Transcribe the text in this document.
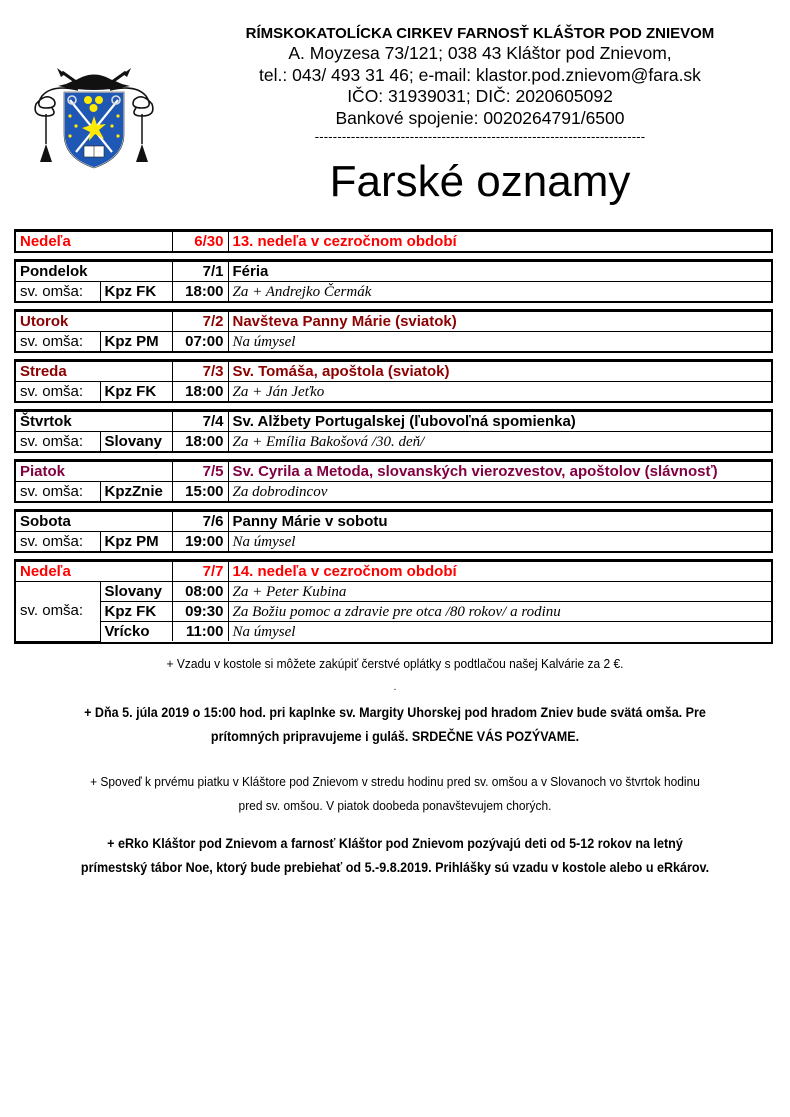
RÍMSKOKATOLÍCKA CIRKEV FARNOSŤ KLÁŠTOR POD ZNIEVOM
A. Moyzesa 73/121; 038 43 Kláštor pod Znievom,
tel.: 043/ 493 31 46; e-mail: klastor.pod.znievom@fara.sk
IČO: 31939031; DIČ: 2020605092
Bankové spojenie: 0020264791/6500
-------------------------------------------------------------------------
Farské oznamy
Nedeľa	6/30	13. nedeľa v cezročnom období
Pondelok		7/1	Féria
sv. omša:	Kpz FK	18:00	Za + Andrejko Čermák
Utorok		7/2	Navšteva Panny Márie (sviatok)
sv. omša:	Kpz PM	07:00	Na úmysel
Streda		7/3	Sv. Tomáša, apoštola (sviatok)
sv. omša:	Kpz FK	18:00	Za + Ján Jeťko
Štvrtok		7/4	Sv. Alžbety Portugalskej (ľubovoľná spomienka)
sv. omša:	Slovany	18:00	Za + Emília Bakošová /30. deň/
Piatok		7/5	Sv. Cyrila a Metoda, slovanských vierozvestov, apoštolov (slávnosť)
sv. omša:	KpzZnie	15:00	Za dobrodincov
Sobota		7/6	Panny Márie v sobotu
sv. omša:	Kpz PM	19:00	Na úmysel
Nedeľa		7/7	14. nedeľa v cezročnom období
sv. omša:	Slovany	08:00	Za + Peter Kubina
	Kpz FK	09:30	Za Božiu pomoc a zdravie pre otca /80 rokov/ a rodinu
	Vrícko	11:00	Na úmysel
+ Vzadu v kostole si môžete zakúpiť čerstvé oplátky s podtlačou našej Kalvárie za 2 €.
.
+ Dňa 5. júla 2019 o 15:00 hod. pri kaplnke sv. Margity Uhorskej pod hradom Zniev bude svätá omša. Pre
prítomných pripravujeme i guláš. SRDEČNE VÁS POZÝVAME.
+ Spoveď k prvému piatku v Kláštore pod Znievom v stredu hodinu pred sv. omšou a v Slovanoch vo štvrtok hodinu
pred sv. omšou. V piatok doobeda ponavštevujem chorých.
+ eRko Kláštor pod Znievom a farnosť Kláštor pod Znievom pozývajú deti od 5-12 rokov na letný
prímestský tábor Noe, ktorý bude prebiehať od 5.-9.8.2019. Prihlášky sú vzadu v kostole alebo u eRkárov.
